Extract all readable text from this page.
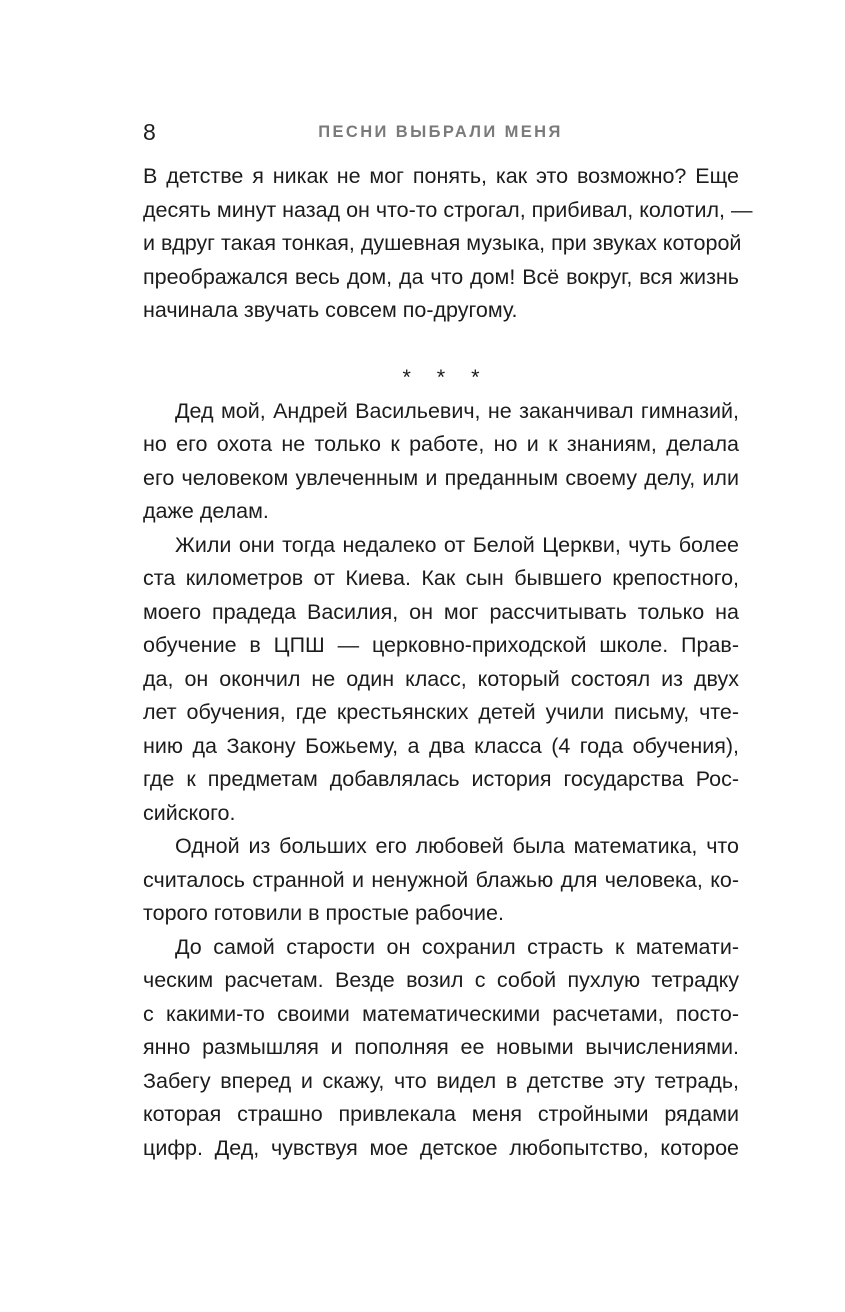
8	ПЕСНИ ВЫБРАЛИ МЕНЯ
В детстве я никак не мог понять, как это возможно? Еще
десять минут назад он что-то строгал, прибивал, колотил, —
и вдруг такая тонкая, душевная музыка, при звуках которой
преображался весь дом, да что дом! Всё вокруг, вся жизнь
начинала звучать совсем по-другому.
* * *
Дед мой, Андрей Васильевич, не заканчивал гимназий,
но его охота не только к работе, но и к знаниям, делала
его человеком увлеченным и преданным своему делу, или
даже делам.
Жили они тогда недалеко от Белой Церкви, чуть более
ста километров от Киева. Как сын бывшего крепостного,
моего прадеда Василия, он мог рассчитывать только на
обучение в ЦПШ — церковно-приходской школе. Прав-
да, он окончил не один класс, который состоял из двух
лет обучения, где крестьянских детей учили письму, чте-
нию да Закону Божьему, а два класса (4 года обучения),
где к предметам добавлялась история государства Рос-
сийского.
Одной из больших его любовей была математика, что
считалось странной и ненужной блажью для человека, ко-
торого готовили в простые рабочие.
До самой старости он сохранил страсть к математи-
ческим расчетам. Везде возил с собой пухлую тетрадку
с какими-то своими математическими расчетами, посто-
янно размышляя и пополняя ее новыми вычислениями.
Забегу вперед и скажу, что видел в детстве эту тетрадь,
которая страшно привлекала меня стройными рядами
цифр. Дед, чувствуя мое детское любопытство, которое
